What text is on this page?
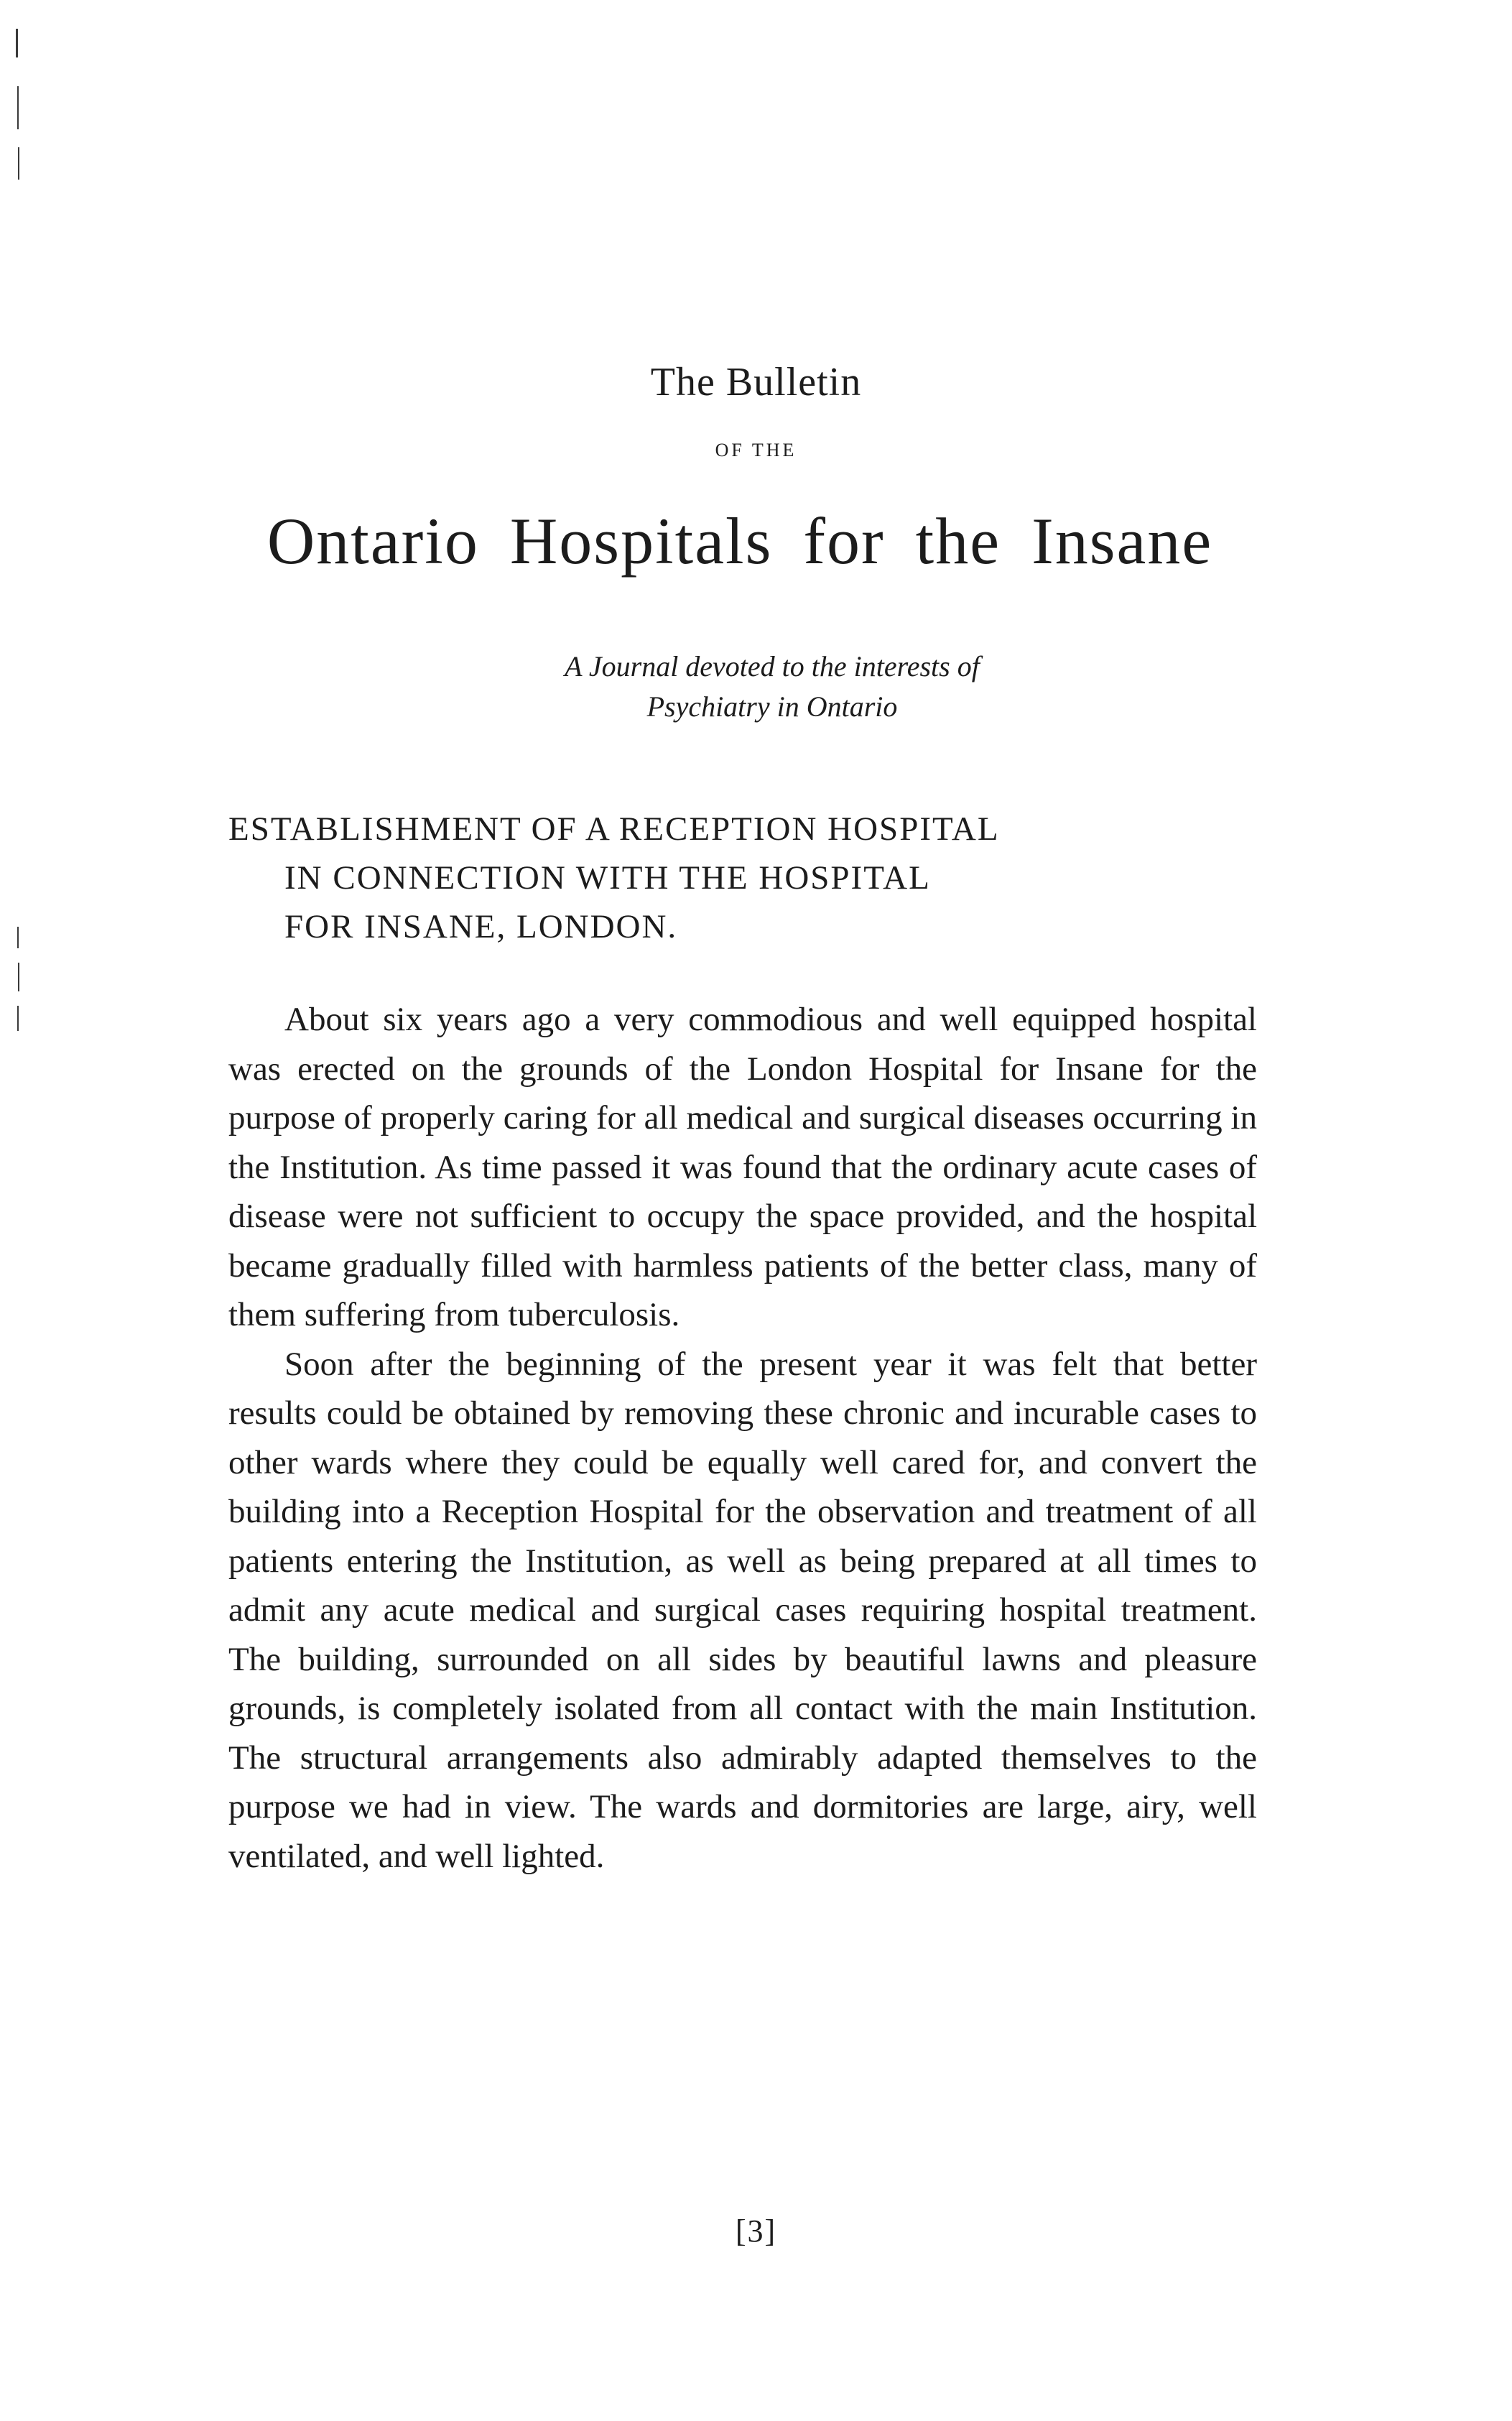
The Bulletin
OF THE
Ontario Hospitals for the Insane
A Journal devoted to the interests of
Psychiatry in Ontario
ESTABLISHMENT OF A RECEPTION HOSPITAL
IN CONNECTION WITH THE HOSPITAL
FOR INSANE, LONDON.

About six years ago a very commodious and well equipped hospital was erected on the grounds of the London Hospital for Insane for the purpose of properly caring for all medical and surgical diseases occurring in the Institution. As time passed it was found that the ordinary acute cases of disease were not sufficient to occupy the space provided, and the hospital became gradually filled with harmless patients of the better class, many of them suffering from tuberculosis.

Soon after the beginning of the present year it was felt that better results could be obtained by removing these chronic and incurable cases to other wards where they could be equally well cared for, and convert the building into a Reception Hospital for the observation and treatment of all patients entering the Institution, as well as being prepared at all times to admit any acute medical and surgical cases requiring hospital treatment. The building, surrounded on all sides by beautiful lawns and pleasure grounds, is completely isolated from all contact with the main Institution. The structural arrangements also admirably adapted themselves to the purpose we had in view. The wards and dormitories are large, airy, well ventilated, and well lighted.

[3]
